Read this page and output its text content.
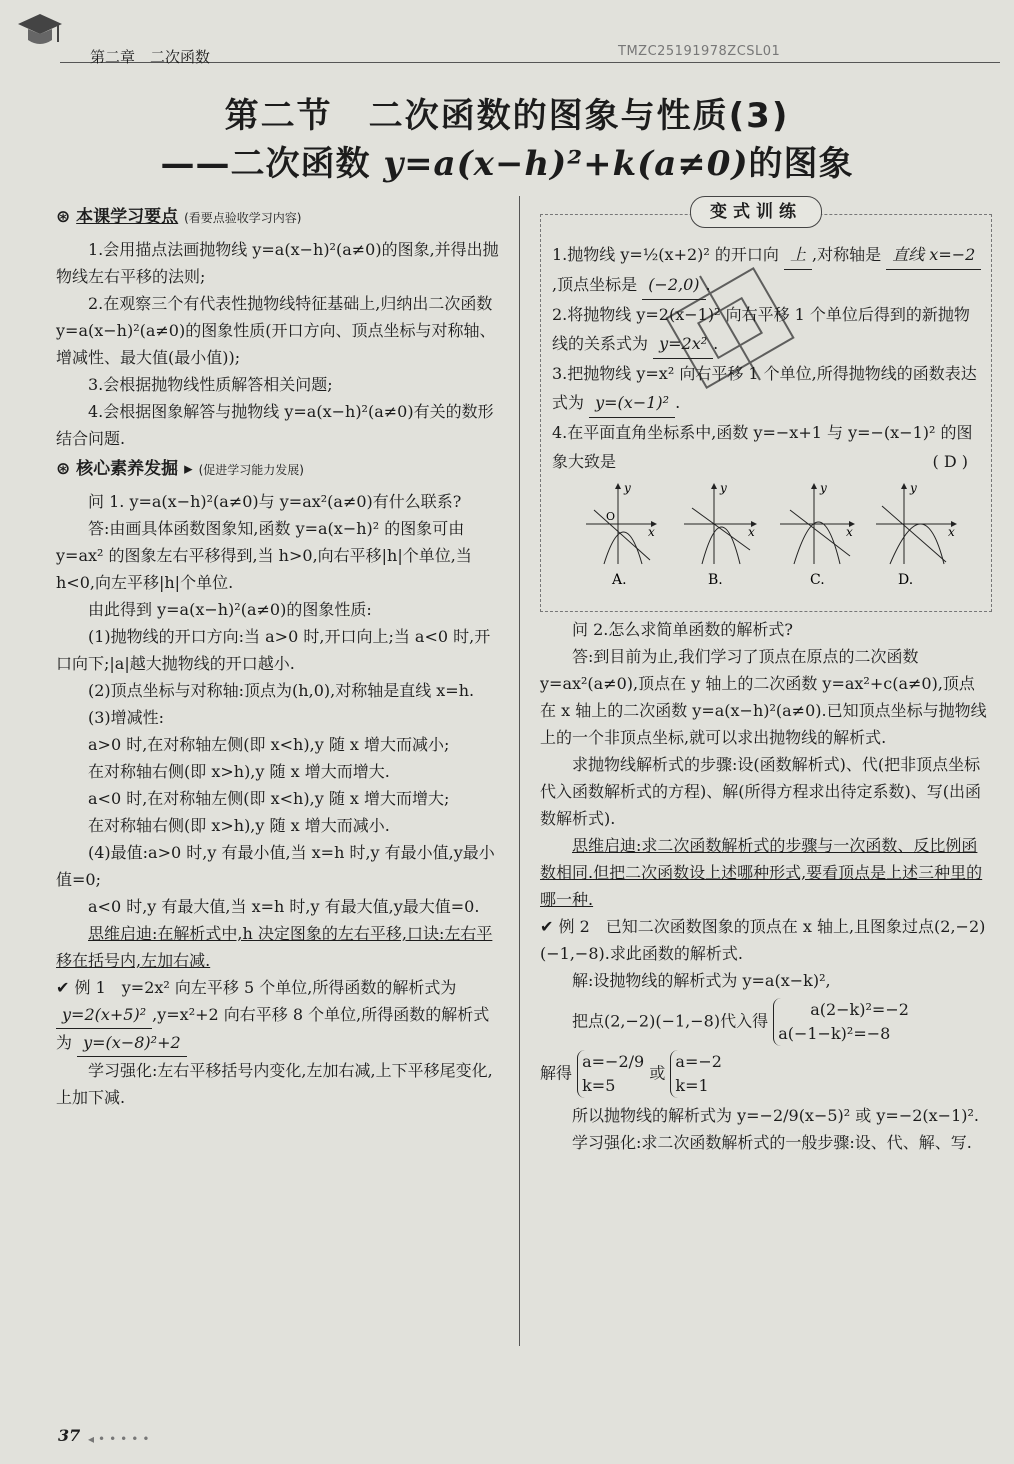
第二章　二次函数	TMZC25191978ZCSL01
第二节　二次函数的图象与性质(3)
——二次函数 y=a(x−h)²+k(a≠0)的图象

⊛ 本课学习要点 (看要点验收学习内容)

1.会用描点法画抛物线 y=a(x−h)²(a≠0)的图象,并得出抛物线左右平移的法则;

2.在观察三个有代表性抛物线特征基础上,归纳出二次函数 y=a(x−h)²(a≠0)的图象性质(开口方向、顶点坐标与对称轴、增减性、最大值(最小值));

3.会根据抛物线性质解答相关问题;

4.会根据图象解答与抛物线 y=a(x−h)²(a≠0)有关的数形结合问题.

⊛ 核心素养发掘 ▸ (促进学习能力发展)

问 1. y=a(x−h)²(a≠0)与 y=ax²(a≠0)有什么联系?

答:由画具体函数图象知,函数 y=a(x−h)² 的图象可由 y=ax² 的图象左右平移得到,当 h>0,向右平移|h|个单位,当 h<0,向左平移|h|个单位.

由此得到 y=a(x−h)²(a≠0)的图象性质:

(1)抛物线的开口方向:当 a>0 时,开口向上;当 a<0 时,开口向下;|a|越大抛物线的开口越小.

(2)顶点坐标与对称轴:顶点为(h,0),对称轴是直线 x=h.

(3)增减性:

a>0 时,在对称轴左侧(即 x<h),y 随 x 增大而减小;

在对称轴右侧(即 x>h),y 随 x 增大而增大.

a<0 时,在对称轴左侧(即 x<h),y 随 x 增大而增大;

在对称轴右侧(即 x>h),y 随 x 增大而减小.

(4)最值:a>0 时,y 有最小值,当 x=h 时,y 有最小值,y最小值=0;

a<0 时,y 有最大值,当 x=h 时,y 有最大值,y最大值=0.

思维启迪:在解析式中,h 决定图象的左右平移,口诀:左右平移在括号内,左加右减.

✔ 例 1　y=2x² 向左平移 5 个单位,所得函数的解析式为 y=2(x+5)² ,y=x²+2 向右平移 8 个单位,所得函数的解析式为 y=(x−8)²+2

学习强化:左右平移括号内变化,左加右减,上下平移尾变化,上加下减.

变式训练

1.抛物线 y=½(x+2)² 的开口向 上 ,对称轴是 直线 x=−2,顶点坐标是 (−2,0) .

2.将抛物线 y=2(x−1)² 向右平移 1 个单位后得到的新抛物线的关系式为 y=2x² .

3.把抛物线 y=x² 向右平移 1 个单位,所得抛物线的函数表达式为 y=(x−1)² .

4.在平面直角坐标系中,函数 y=−x+1 与 y=−(x−1)² 的图象大致是	( D )

y
O
x
A.
y
x
B.
y
x
C.
y
x
D.

问 2.怎么求简单函数的解析式?

答:到目前为止,我们学习了顶点在原点的二次函数 y=ax²(a≠0),顶点在 y 轴上的二次函数 y=ax²+c(a≠0),顶点在 x 轴上的二次函数 y=a(x−h)²(a≠0).已知顶点坐标与抛物线上的一个非顶点坐标,就可以求出抛物线的解析式.

求抛物线解析式的步骤:设(函数解析式)、代(把非顶点坐标代入函数解析式的方程)、解(所得方程求出待定系数)、写(出函数解析式).

思维启迪:求二次函数解析式的步骤与一次函数、反比例函数相同.但把二次函数设上述哪种形式,要看顶点是上述三种里的哪一种.

✔ 例 2　已知二次函数图象的顶点在 x 轴上,且图象过点(2,−2)(−1,−8).求此函数的解析式.

解:设抛物线的解析式为 y=a(x−k)²,

把点(2,−2)(−1,−8)代入得 a(2−k)²=−2
a(−1−k)²=−8

解得 a=−2/9
k=5 或 a=−2
k=1

所以抛物线的解析式为 y=−2/9(x−5)² 或 y=−2(x−1)².

学习强化:求二次函数解析式的一般步骤:设、代、解、写.

37 ◂•••••
